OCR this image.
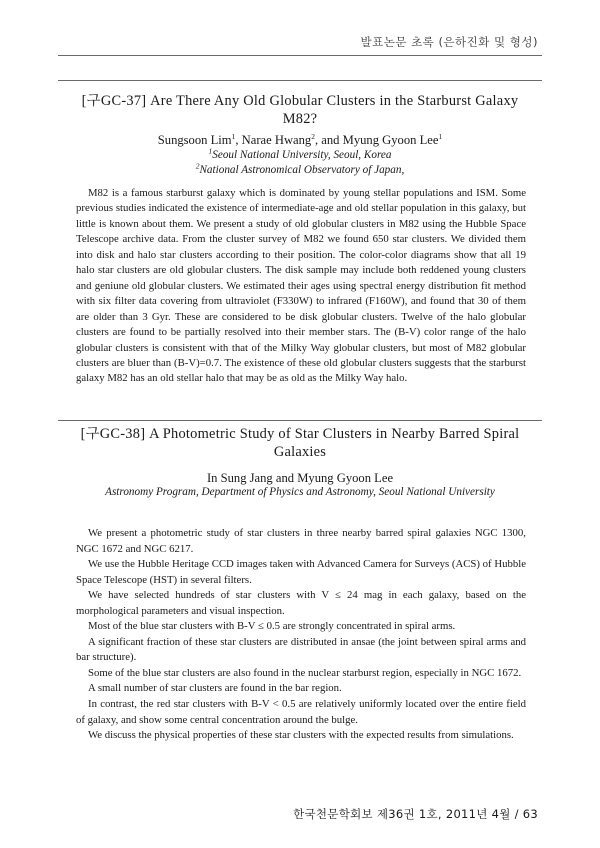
발표논문 초록 (은하진화 및 형성)
[구GC-37] Are There Any Old Globular Clusters in the Starburst Galaxy M82?
Sungsoon Lim$^1$, Narae Hwang$^2$, and Myung Gyoon Lee$^1$
$^1$Seoul National University, Seoul, Korea
$^2$National Astronomical Observatory of Japan,

M82 is a famous starburst galaxy which is dominated by young stellar populations and ISM. Some previous studies indicated the existence of intermediate-age and old stellar population in this galaxy, but little is known about them. We present a study of old globular clusters in M82 using the Hubble Space Telescope archive data. From the cluster survey of M82 we found 650 star clusters. We divided them into disk and halo star clusters according to their position. The color-color diagrams show that all 19 halo star clusters are old globular clusters. The disk sample may include both reddened young clusters and geniune old globular clusters. We estimated their ages using spectral energy distribution fit method with six filter data covering from ultraviolet (F330W) to infrared (F160W), and found that 30 of them are older than 3 Gyr. These are considered to be disk globular clusters. Twelve of the halo globular clusters are found to be partially resolved into their member stars. The (B-V) color range of the halo globular clusters is consistent with that of the Milky Way globular clusters, but most of M82 globular clusters are bluer than (B-V)=0.7. The existence of these old globular clusters suggests that the starburst galaxy M82 has an old stellar halo that may be as old as the Milky Way halo.

[구GC-38] A Photometric Study of Star Clusters in Nearby Barred Spiral Galaxies
In Sung Jang and Myung Gyoon Lee
Astronomy Program, Department of Physics and Astronomy, Seoul National University

We present a photometric study of star clusters in three nearby barred spiral galaxies NGC 1300, NGC 1672 and NGC 6217.

We use the Hubble Heritage CCD images taken with Advanced Camera for Surveys (ACS) of Hubble Space Telescope (HST) in several filters.

We have selected hundreds of star clusters with V ≤ 24 mag in each galaxy, based on the morphological parameters and visual inspection.

Most of the blue star clusters with B-V ≤ 0.5 are strongly concentrated in spiral arms.

A significant fraction of these star clusters are distributed in ansae (the joint between spiral arms and bar structure).

Some of the blue star clusters are also found in the nuclear starburst region, especially in NGC 1672.

A small number of star clusters are found in the bar region.

In contrast, the red star clusters with B-V < 0.5 are relatively uniformly located over the entire field of galaxy, and show some central concentration around the bulge.

We discuss the physical properties of these star clusters with the expected results from simulations.

한국천문학회보 제36권 1호, 2011년 4월 / 63
